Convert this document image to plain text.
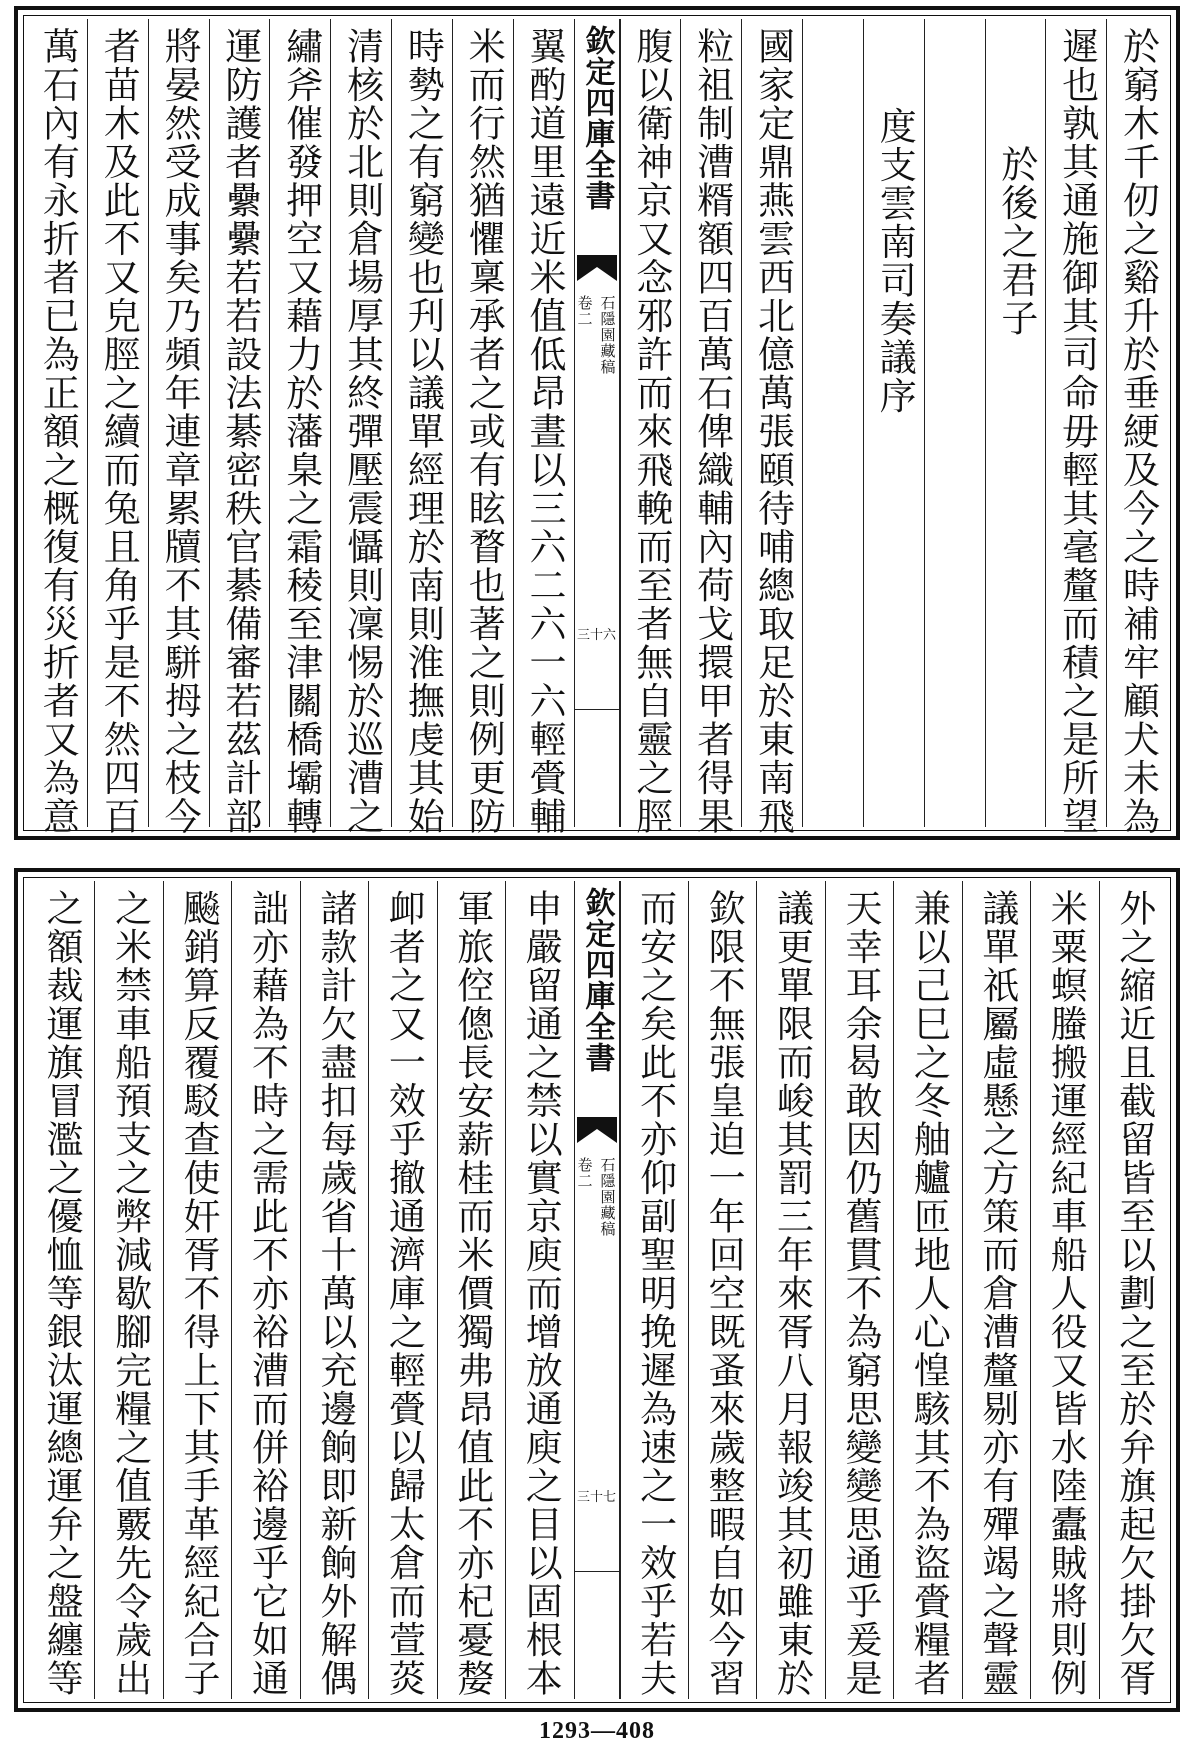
於窮木千仞之谿升於垂綆及今之時補牢顧犬未為
遲也孰其通施御其司命毋輕其毫釐而積之是所望
於後之君子
度支雲南司奏議序
國家定鼎燕雲西北億萬張頤待哺總取足於東南飛
粒祖制漕糈額四百萬石俾織輔內荷戈擐甲者得果
腹以衛神京又念邪許而來飛輓而至者無自靈之脛
欽定四庫全書
卷二 石隱園藏稿
三十六
翼酌道里遠近米值低昂晝以三六二六一六輕賫輔
米而行然猶懼稟承者之或有眩瞀也著之則例更防
時勢之有窮變也刋以議單經理於南則淮撫虔其始
清核於北則倉場厚其終彈壓震懾則凜惕於巡漕之
繡斧催發押空又藉力於藩臬之霜稜至津關橋壩轉
運防護者纍纍若若設法綦密秩官綦備審若茲計部
將晏然受成事矣乃頻年連章累牘不其駢拇之枝今
者苗木及此不又皃脛之續而兔且角乎是不然四百
萬石內有永折者已為正額之概復有災折者又為意
外之縮近且截留皆至以劃之至於弁旗起欠掛欠胥
米粟螟螣搬運經紀車船人役又皆水陸蠹賊將則例
議單祇屬虛懸之方策而倉漕釐剔亦有殫竭之聲靈
兼以己巳之冬舳艫匝地人心惶駭其不為盜賫糧者
天幸耳余曷敢因仍舊貫不為窮思變變思通乎爰是
議更單限而峻其罰三年來胥八月報竣其初雖東於
欽限不無張皇迫一年回空既蚤來歲整暇自如今習
而安之矣此不亦仰副聖明挽遲為速之一效乎若夫
欽定四庫全書
卷二 石隱園藏稿
三十七
申嚴留通之禁以實京庾而增放通庾之目以固根本
軍旅倥傯長安薪桂而米價獨弗昂值此不亦杞憂嫠
卹者之又一效乎撤通濟庫之輕賫以歸太倉而萱菼
諸款計欠盡扣每歲省十萬以充邊餉即新餉外解偶
詘亦藉為不時之需此不亦裕漕而併裕邊乎它如通
飈銷算反覆駁查使奸胥不得上下其手革經紀合子
之米禁車船預支之弊減歇腳完糧之值覈先令歲出
之額裁運旗冒濫之優恤等銀汰運總運弁之盤纏等
1293—408
